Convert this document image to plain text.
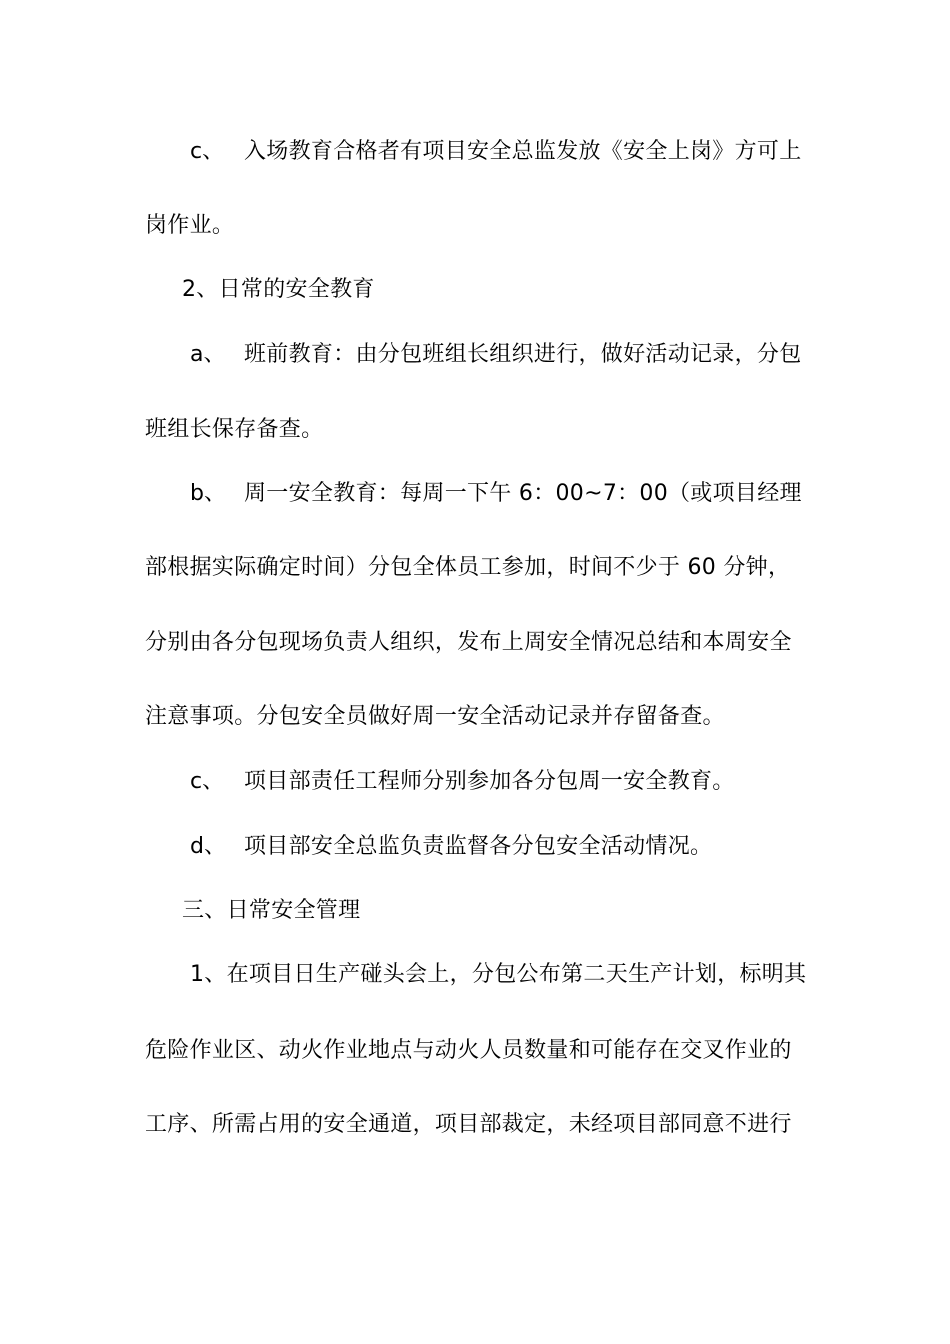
c、 入场教育合格者有项目安全总监发放《安全上岗》方可上
岗作业。
2、日常的安全教育
a、 班前教育：由分包班组长组织进行，做好活动记录，分包
班组长保存备查。
b、 周一安全教育：每周一下午 6：00~7：00（或项目经理
部根据实际确定时间）分包全体员工参加，时间不少于 60 分钟，
分别由各分包现场负责人组织，发布上周安全情况总结和本周安全
注意事项。分包安全员做好周一安全活动记录并存留备查。
c、 项目部责任工程师分别参加各分包周一安全教育。
d、 项目部安全总监负责监督各分包安全活动情况。
三、日常安全管理
1、在项目日生产碰头会上，分包公布第二天生产计划，标明其
危险作业区、动火作业地点与动火人员数量和可能存在交叉作业的
工序、所需占用的安全通道，项目部裁定，未经项目部同意不进行
